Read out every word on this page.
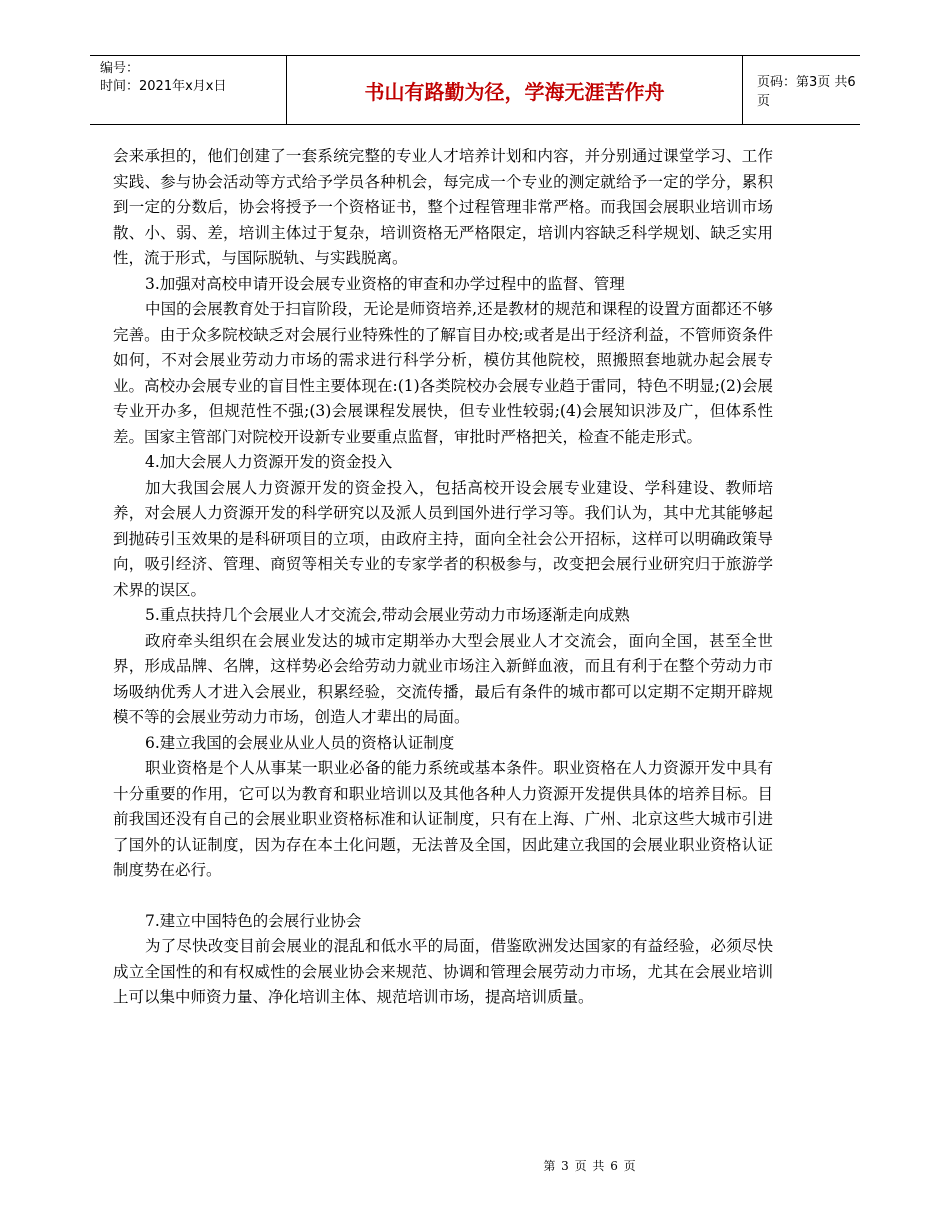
编号：
时间：2021年x月x日	书山有路勤为径，学海无涯苦作舟	页码：第3页 共6页

会来承担的，他们创建了一套系统完整的专业人才培养计划和内容，并分别通过课堂学习、工作实践、参与协会活动等方式给予学员各种机会，每完成一个专业的测定就给予一定的学分，累积到一定的分数后，协会将授予一个资格证书，整个过程管理非常严格。而我国会展职业培训市场散、小、弱、差，培训主体过于复杂，培训资格无严格限定，培训内容缺乏科学规划、缺乏实用性，流于形式，与国际脱轨、与实践脱离。

3.加强对高校申请开设会展专业资格的审查和办学过程中的监督、管理

中国的会展教育处于扫盲阶段，无论是师资培养,还是教材的规范和课程的设置方面都还不够完善。由于众多院校缺乏对会展行业特殊性的了解盲目办校;或者是出于经济利益，不管师资条件如何，不对会展业劳动力市场的需求进行科学分析，模仿其他院校，照搬照套地就办起会展专业。高校办会展专业的盲目性主要体现在:(1)各类院校办会展专业趋于雷同，特色不明显;(2)会展专业开办多，但规范性不强;(3)会展课程发展快，但专业性较弱;(4)会展知识涉及广，但体系性差。国家主管部门对院校开设新专业要重点监督，审批时严格把关，检查不能走形式。

4.加大会展人力资源开发的资金投入

加大我国会展人力资源开发的资金投入，包括高校开设会展专业建设、学科建设、教师培养，对会展人力资源开发的科学研究以及派人员到国外进行学习等。我们认为，其中尤其能够起到抛砖引玉效果的是科研项目的立项，由政府主持，面向全社会公开招标，这样可以明确政策导向，吸引经济、管理、商贸等相关专业的专家学者的积极参与，改变把会展行业研究归于旅游学术界的误区。

5.重点扶持几个会展业人才交流会,带动会展业劳动力市场逐渐走向成熟

政府牵头组织在会展业发达的城市定期举办大型会展业人才交流会，面向全国，甚至全世界，形成品牌、名牌，这样势必会给劳动力就业市场注入新鲜血液，而且有利于在整个劳动力市场吸纳优秀人才进入会展业，积累经验，交流传播，最后有条件的城市都可以定期不定期开辟规模不等的会展业劳动力市场，创造人才辈出的局面。

6.建立我国的会展业从业人员的资格认证制度

职业资格是个人从事某一职业必备的能力系统或基本条件。职业资格在人力资源开发中具有十分重要的作用，它可以为教育和职业培训以及其他各种人力资源开发提供具体的培养目标。目前我国还没有自己的会展业职业资格标准和认证制度，只有在上海、广州、北京这些大城市引进了国外的认证制度，因为存在本土化问题，无法普及全国，因此建立我国的会展业职业资格认证制度势在必行。

7.建立中国特色的会展行业协会

为了尽快改变目前会展业的混乱和低水平的局面，借鉴欧洲发达国家的有益经验，必须尽快成立全国性的和有权威性的会展业协会来规范、协调和管理会展劳动力市场，尤其在会展业培训上可以集中师资力量、净化培训主体、规范培训市场，提高培训质量。

第 3 页 共 6 页
